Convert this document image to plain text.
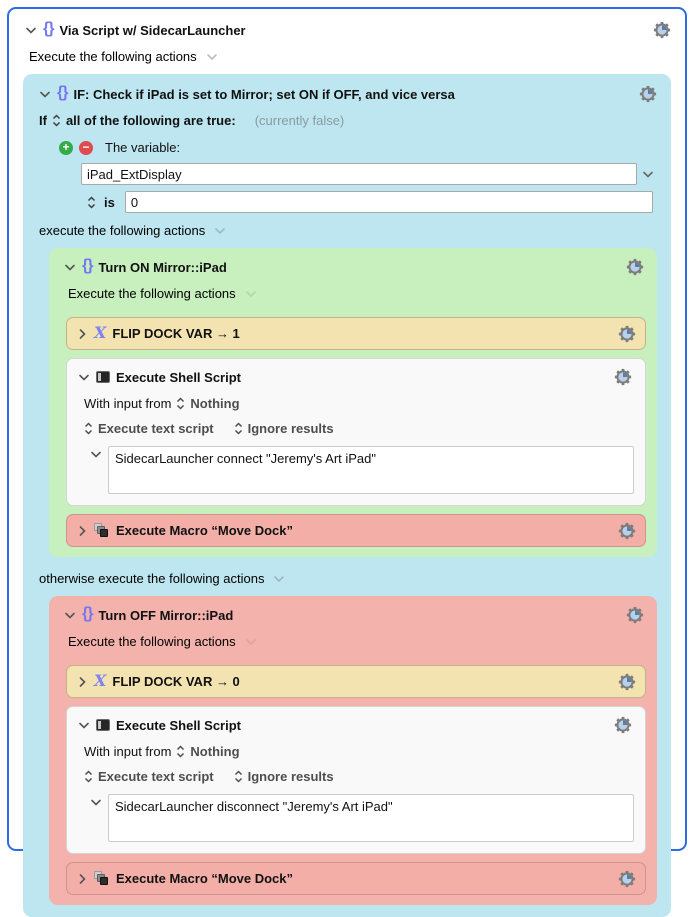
{} Via Script w/ SidecarLauncher
Execute the following actions
{} IF: Check if iPad is set to Mirror; set ON if OFF, and vice versa
If all of the following are true: (currently false)
+ − The variable:
iPad_ExtDisplay
is
0
execute the following actions
{} Turn ON Mirror::iPad
Execute the following actions
X FLIP DOCK VAR → 1
Execute Shell Script
With input from Nothing
Execute text script	Ignore results
SidecarLauncher connect "Jeremy's Art iPad"
Execute Macro “Move Dock”
otherwise execute the following actions
{} Turn OFF Mirror::iPad
Execute the following actions
X FLIP DOCK VAR → 0
Execute Shell Script
With input from Nothing
Execute text script	Ignore results
SidecarLauncher disconnect "Jeremy's Art iPad"
Execute Macro “Move Dock”
